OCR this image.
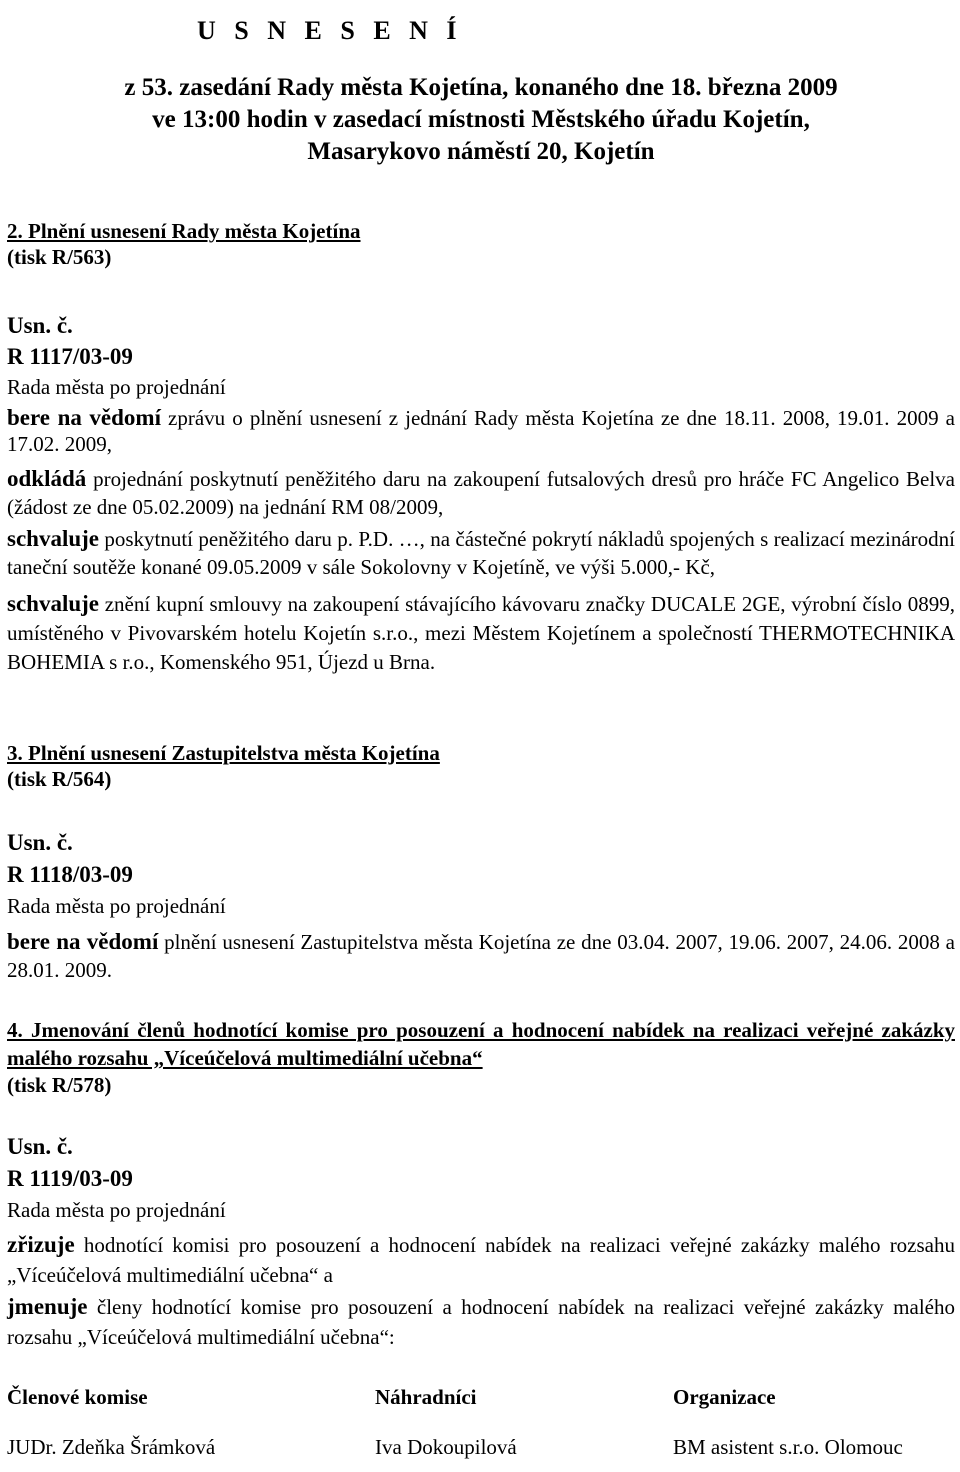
U S N E S E N Í
z 53. zasedání Rady města Kojetína, konaného dne 18. března 2009
ve 13:00 hodin v zasedací místnosti Městského úřadu Kojetín,
Masarykovo náměstí 20, Kojetín

2. Plnění usnesení Rady města Kojetína

(tisk R/563)

Usn. č.

R 1117/03-09

Rada města po projednání

bere na vědomí zprávu o plnění usnesení z jednání Rady města Kojetína ze dne 18.11. 2008, 19.01. 2009 a 17.02. 2009,

odkládá projednání poskytnutí peněžitého daru na zakoupení futsalových dresů pro hráče FC Angelico Belva (žádost ze dne 05.02.2009) na jednání RM 08/2009,

schvaluje poskytnutí peněžitého daru p. P.D. …, na částečné pokrytí nákladů spojených s realizací mezinárodní taneční soutěže konané 09.05.2009 v sále Sokolovny v Kojetíně, ve výši 5.000,- Kč,

schvaluje znění kupní smlouvy na zakoupení stávajícího kávovaru značky DUCALE 2GE, výrobní číslo 0899, umístěného v Pivovarském hotelu Kojetín s.r.o., mezi Městem Kojetínem a společností THERMOTECHNIKA BOHEMIA s r.o., Komenského 951, Újezd u Brna.

3. Plnění usnesení Zastupitelstva města Kojetína

(tisk R/564)

Usn. č.

R 1118/03-09

Rada města po projednání

bere na vědomí plnění usnesení Zastupitelstva města Kojetína ze dne 03.04. 2007, 19.06. 2007, 24.06. 2008 a 28.01. 2009.

4. Jmenování členů hodnotící komise pro posouzení a hodnocení nabídek na realizaci veřejné zakázky malého rozsahu „Víceúčelová multimediální učebna“

(tisk R/578)

Usn. č.

R 1119/03-09

Rada města po projednání

zřizuje hodnotící komisi pro posouzení a hodnocení nabídek na realizaci veřejné zakázky malého rozsahu „Víceúčelová multimediální učebna“ a

jmenuje členy hodnotící komise pro posouzení a hodnocení nabídek na realizaci veřejné zakázky malého rozsahu „Víceúčelová multimediální učebna“:

Členové komise	Náhradníci	Organizace
JUDr. Zdeňka Šrámková	Iva Dokoupilová	BM asistent s.r.o. Olomouc
